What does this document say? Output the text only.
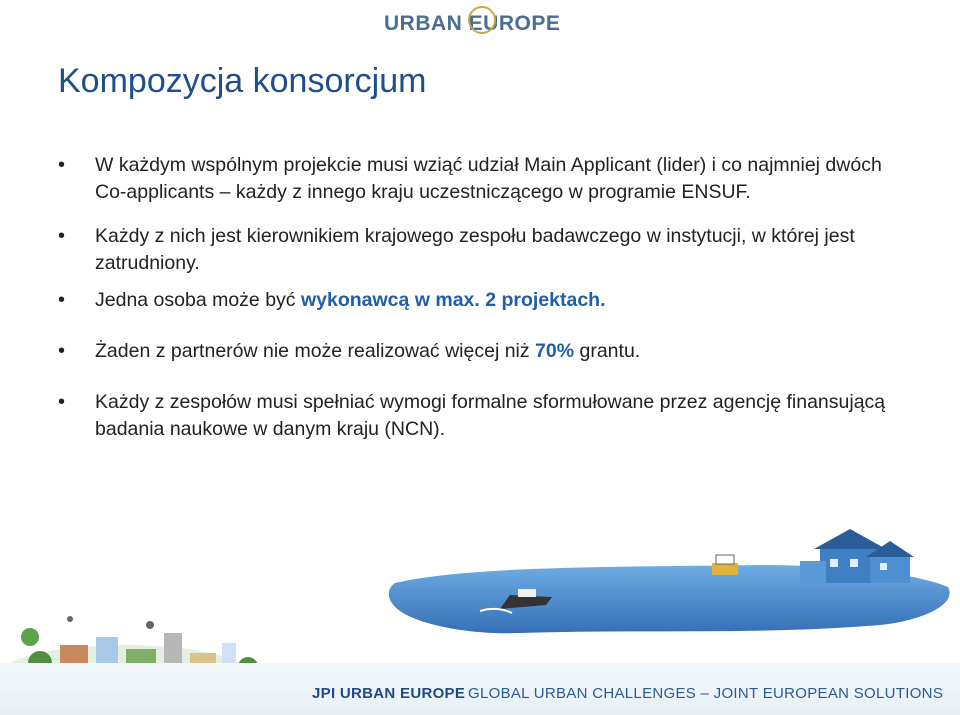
URBAN EUROPE
Kompozycja konsorcjum
• W każdym wspólnym projekcie musi wziąć udział Main Applicant (lider) i co najmniej dwóch Co-applicants – każdy z innego kraju uczestniczącego w programie ENSUF.
• Każdy z nich jest kierownikiem krajowego zespołu badawczego w instytucji, w której jest zatrudniony.
• Jedna osoba może być wykonawcą w max. 2 projektach.
• Żaden z partnerów nie może realizować więcej niż 70% grantu.
• Każdy z zespołów musi spełniać wymogi formalne sformułowane przez agencję finansującą badania naukowe w danym kraju (NCN).
JPI URBAN EUROPE GLOBAL URBAN CHALLENGES – JOINT EUROPEAN SOLUTIONS
